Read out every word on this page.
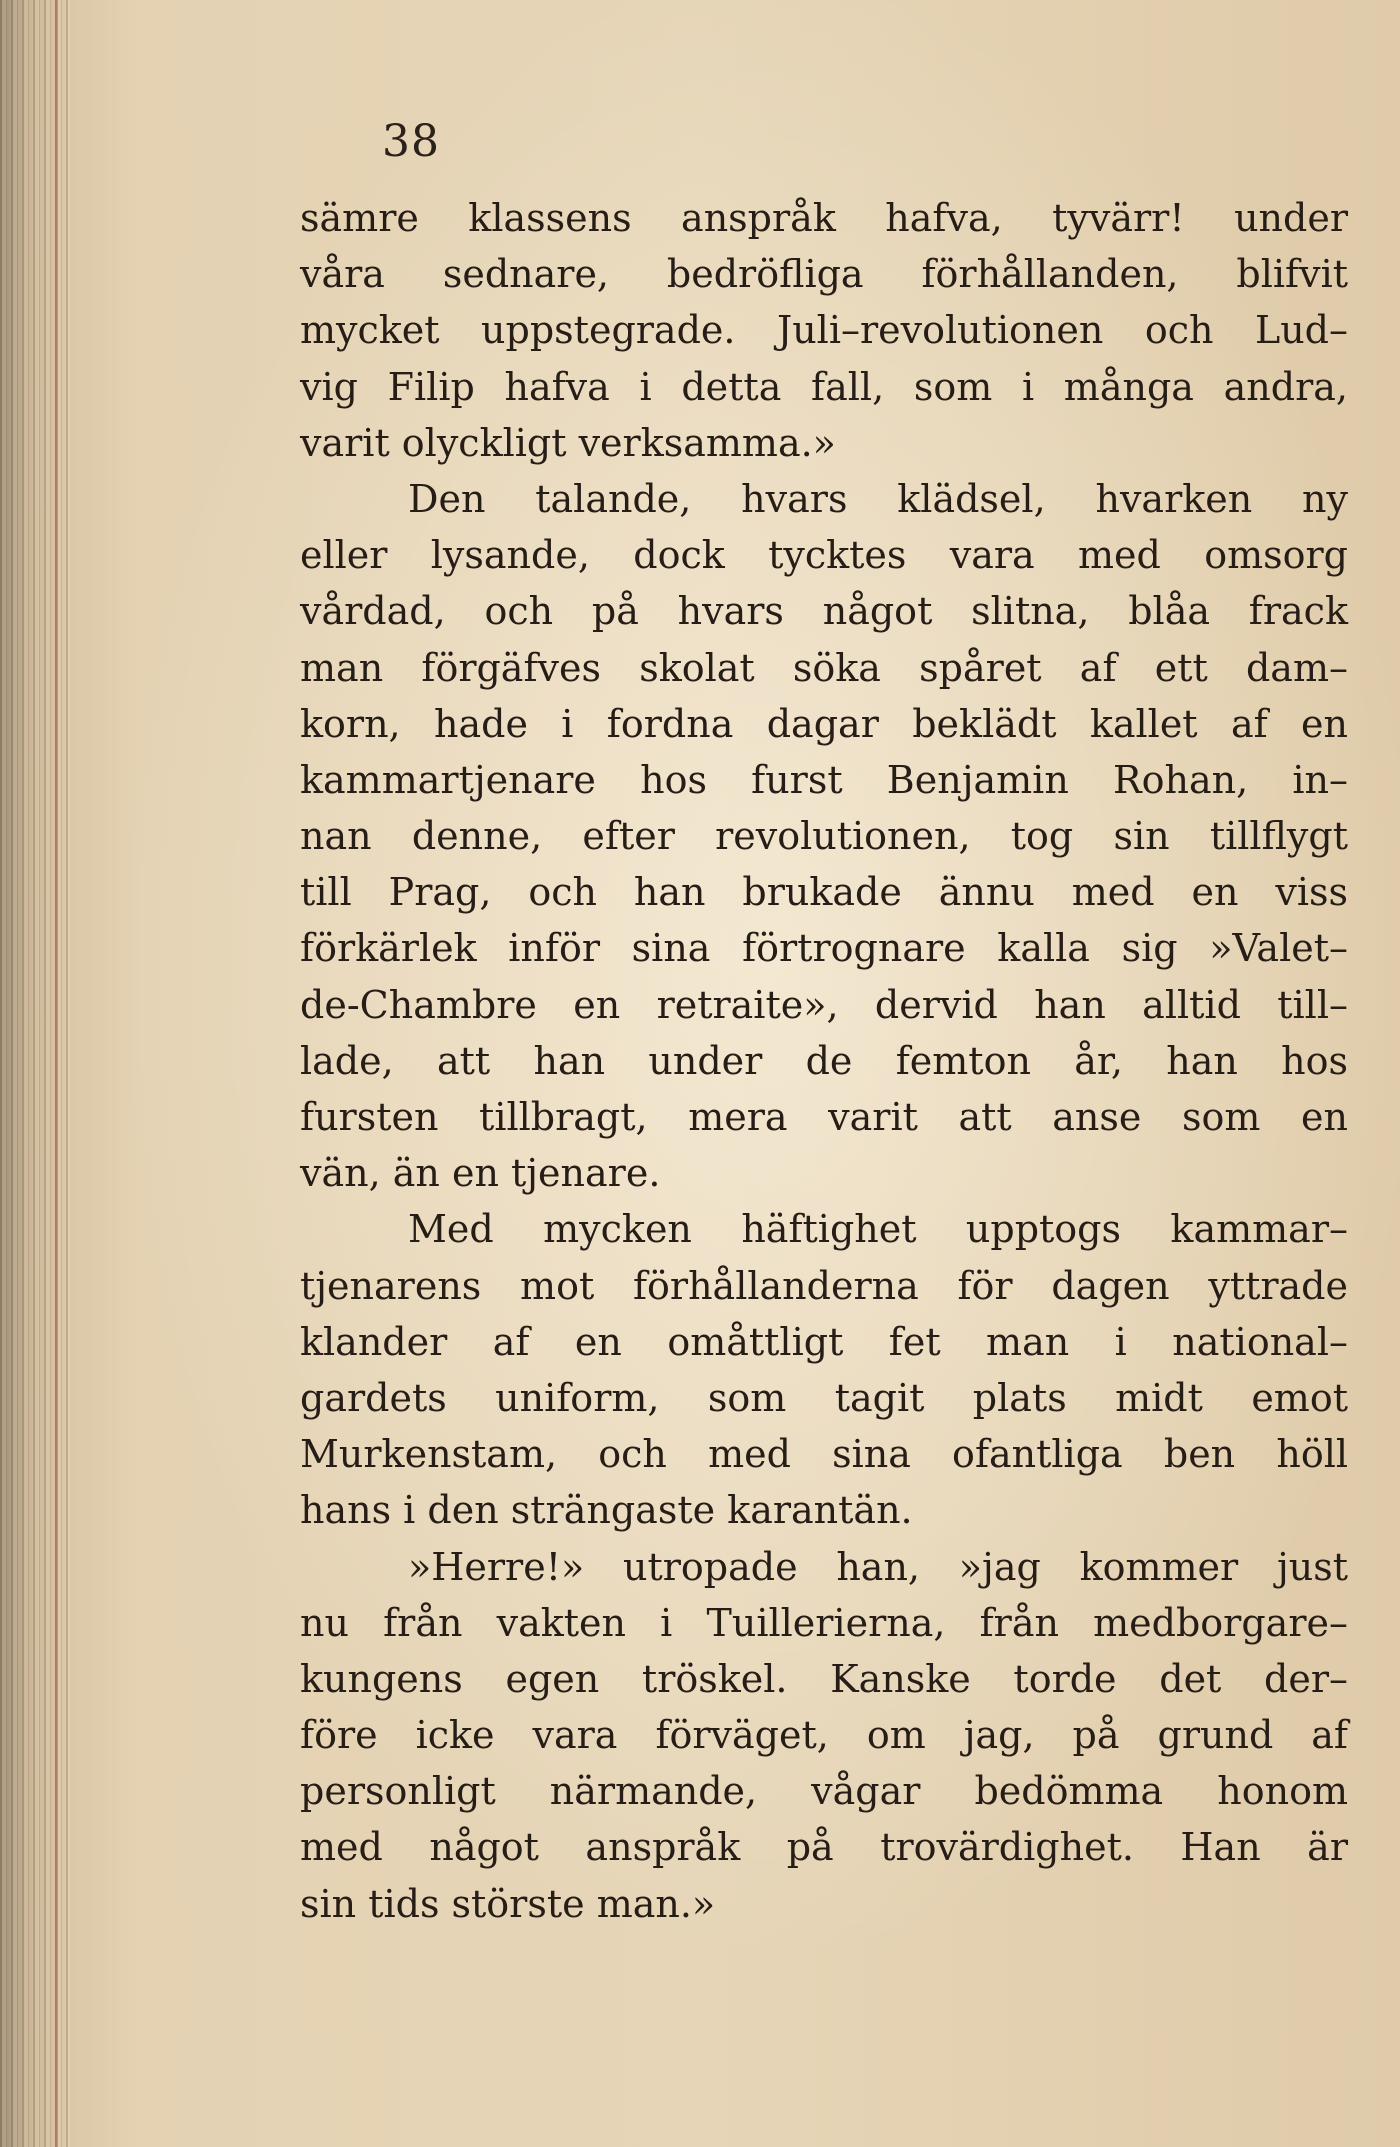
38
sämre klassens anspråk hafva, tyvärr! under
våra sednare, bedröfliga förhållanden, blifvit
mycket uppstegrade. Juli–revolutionen och Lud–
vig Filip hafva i detta fall, som i många andra,
varit olyckligt verksamma.»
Den talande, hvars klädsel, hvarken ny
eller lysande, dock tycktes vara med omsorg
vårdad, och på hvars något slitna, blåa frack
man förgäfves skolat söka spåret af ett dam–
korn, hade i fordna dagar beklädt kallet af en
kammartjenare hos furst Benjamin Rohan, in–
nan denne, efter revolutionen, tog sin tillflygt
till Prag, och han brukade ännu med en viss
förkärlek inför sina förtrognare kalla sig »Valet–
de-Chambre en retraite», dervid han alltid till–
lade, att han under de femton år, han hos
fursten tillbragt, mera varit att anse som en
vän, än en tjenare.
Med mycken häftighet upptogs kammar–
tjenarens mot förhållanderna för dagen yttrade
klander af en omåttligt fet man i national–
gardets uniform, som tagit plats midt emot
Murkenstam, och med sina ofantliga ben höll
hans i den strängaste karantän.
»Herre!» utropade han, »jag kommer just
nu från vakten i Tuillerierna, från medborgare–
kungens egen tröskel. Kanske torde det der–
före icke vara förväget, om jag, på grund af
personligt närmande, vågar bedömma honom
med något anspråk på trovärdighet. Han är
sin tids störste man.»
